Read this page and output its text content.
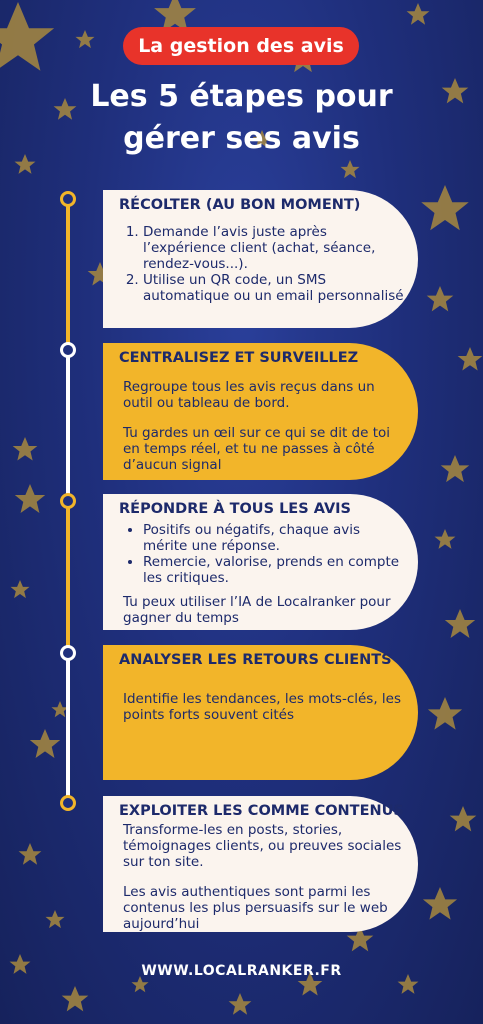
La gestion des avis
Les 5 étapes pour
gérer ses avis
RÉCOLTER (AU BON MOMENT)
1. Demande l’avis juste après l’expérience client (achat, séance, rendez-vous...).
2. Utilise un QR code, un SMS automatique ou un email personnalisé
CENTRALISEZ ET SURVEILLEZ

Regroupe tous les avis reçus dans un outil ou tableau de bord.

Tu gardes un œil sur ce qui se dit de toi en temps réel, et tu ne passes à côté d’aucun signal

RÉPONDRE À TOUS LES AVIS
• Positifs ou négatifs, chaque avis mérite une réponse.
• Remercie, valorise, prends en compte les critiques.

Tu peux utiliser l’IA de Localranker pour gagner du temps

ANALYSER LES RETOURS CLIENTS

Identifie les tendances, les mots-clés, les points forts souvent cités

EXPLOITER LES COMME CONTENUS

Transforme-les en posts, stories, témoignages clients, ou preuves sociales sur ton site.

Les avis authentiques sont parmi les contenus les plus persuasifs sur le web aujourd’hui

WWW.LOCALRANKER.FR
